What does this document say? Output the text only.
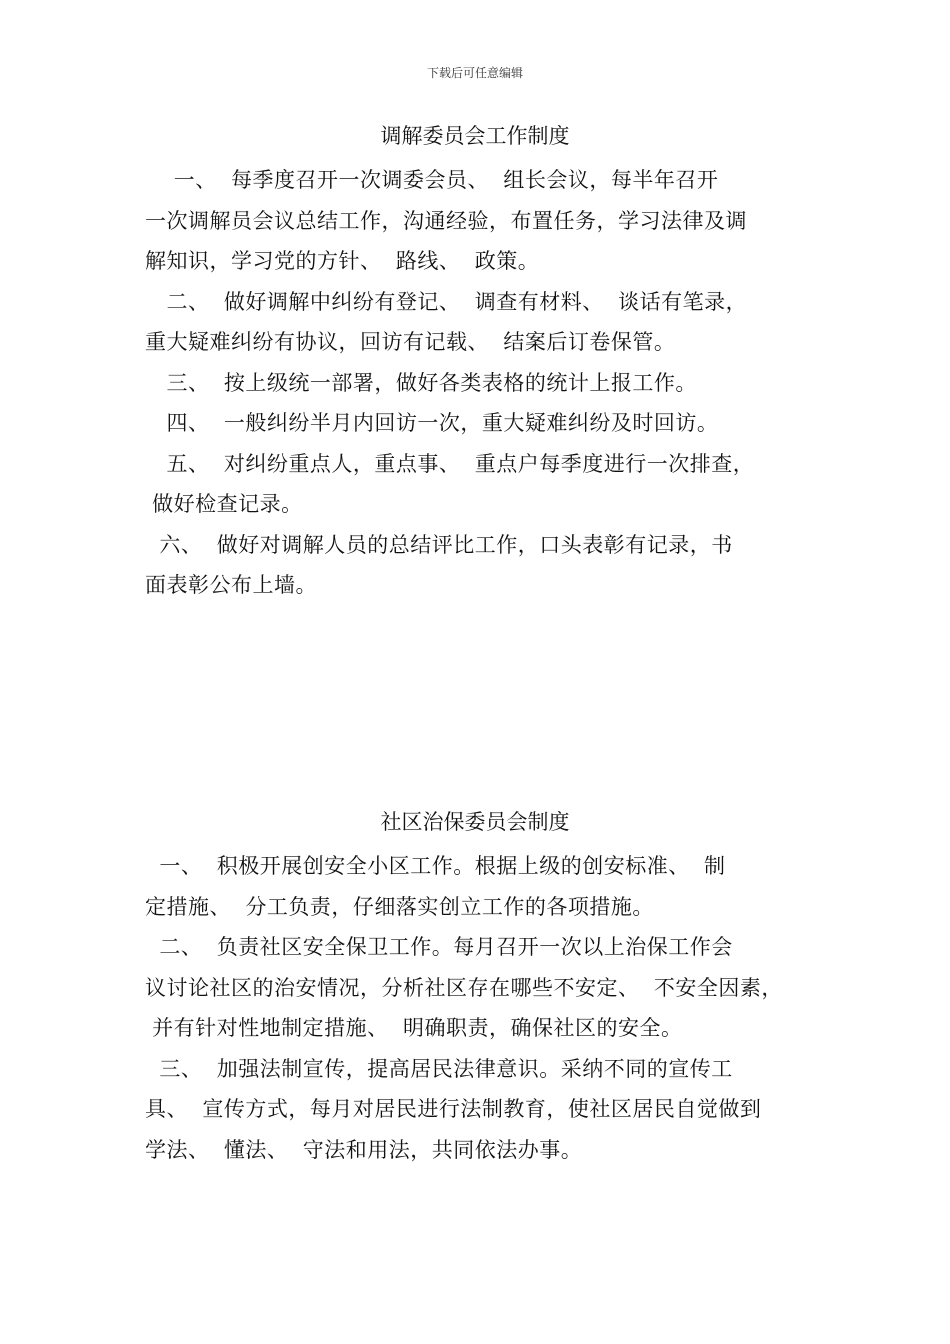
下载后可任意编辑
调解委员会工作制度
一、  每季度召开一次调委会员、  组长会议，每半年召开
一次调解员会议总结工作，沟通经验，布置任务，学习法律及调
解知识，学习党的方针、  路线、  政策。
二、  做好调解中纠纷有登记、  调查有材料、  谈话有笔录，
重大疑难纠纷有协议，回访有记载、  结案后订卷保管。
三、  按上级统一部署，做好各类表格的统计上报工作。
四、  一般纠纷半月内回访一次，重大疑难纠纷及时回访。
五、  对纠纷重点人，重点事、  重点户每季度进行一次排查，
做好检查记录。
六、  做好对调解人员的总结评比工作，口头表彰有记录，书
面表彰公布上墙。
社区治保委员会制度
一、  积极开展创安全小区工作。根据上级的创安标准、  制
定措施、  分工负责，仔细落实创立工作的各项措施。
二、  负责社区安全保卫工作。每月召开一次以上治保工作会
议讨论社区的治安情况，分析社区存在哪些不安定、  不安全因素，
并有针对性地制定措施、  明确职责，确保社区的安全。
三、  加强法制宣传，提高居民法律意识。采纳不同的宣传工
具、  宣传方式，每月对居民进行法制教育，使社区居民自觉做到
学法、  懂法、  守法和用法，共同依法办事。
